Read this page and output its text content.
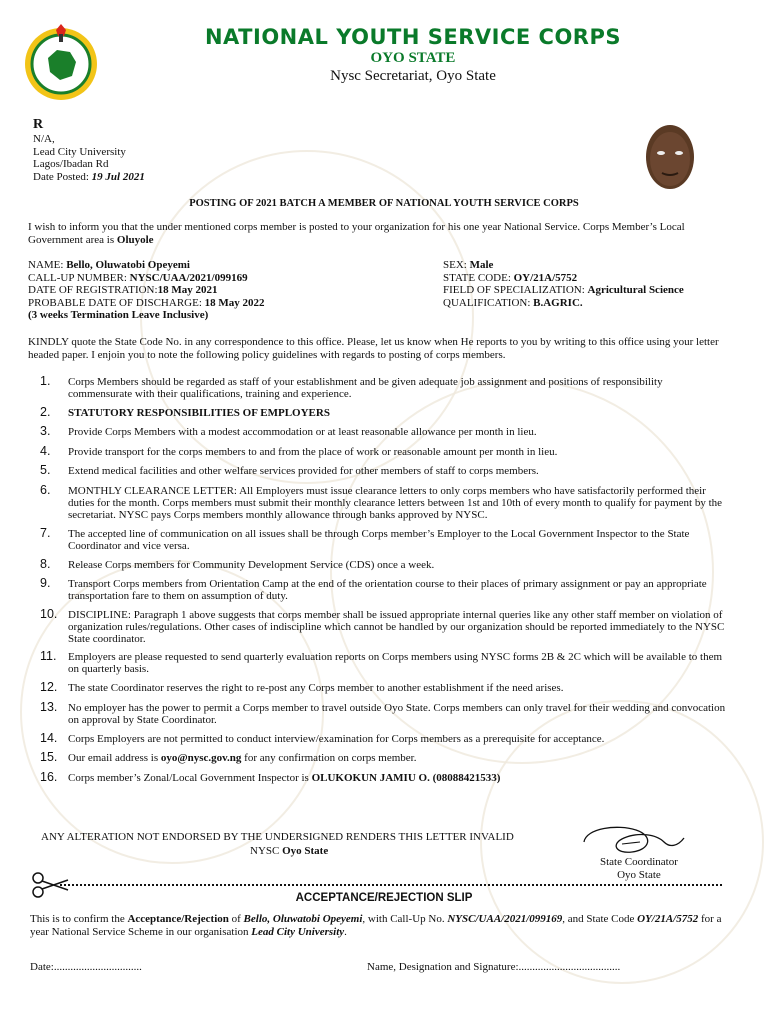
NATIONAL YOUTH SERVICE CORPS
OYO STATE
Nysc Secretariat, Oyo State
R
N/A,
Lead City University
Lagos/Ibadan Rd
Date Posted: 19 Jul 2021
POSTING OF 2021 BATCH A MEMBER OF NATIONAL YOUTH SERVICE CORPS
I wish to inform you that the under mentioned corps member is posted to your organization for his one year National Service. Corps Member’s Local Government area is Oluyole
NAME: Bello, Oluwatobi Opeyemi
CALL-UP NUMBER: NYSC/UAA/2021/099169
DATE OF REGISTRATION:18 May 2021
PROBABLE DATE OF DISCHARGE: 18 May 2022
(3 weeks Termination Leave Inclusive)
SEX: Male
STATE CODE: OY/21A/5752
FIELD OF SPECIALIZATION: Agricultural Science
QUALIFICATION: B.AGRIC.
KINDLY quote the State Code No. in any correspondence to this office. Please, let us know when He reports to you by writing to this office using your letter headed paper. I enjoin you to note the following policy guidelines with regards to posting of corps members.
1. Corps Members should be regarded as staff of your establishment and be given adequate job assignment and positions of responsibility commensurate with their qualifications, training and experience.
2. STATUTORY RESPONSIBILITIES OF EMPLOYERS
3. Provide Corps Members with a modest accommodation or at least reasonable allowance per month in lieu.
4. Provide transport for the corps members to and from the place of work or reasonable amount per month in lieu.
5. Extend medical facilities and other welfare services provided for other members of staff to corps members.
6. MONTHLY CLEARANCE LETTER: All Employers must issue clearance letters to only corps members who have satisfactorily performed their duties for the month. Corps members must submit their monthly clearance letters between 1st and 10th of every month to qualify for payment by the secretariat. NYSC pays Corps members monthly allowance through banks approved by NYSC.
7. The accepted line of communication on all issues shall be through Corps member’s Employer to the Local Government Inspector to the State Coordinator and vice versa.
8. Release Corps members for Community Development Service (CDS) once a week.
9. Transport Corps members from Orientation Camp at the end of the orientation course to their places of primary assignment or pay an appropriate transportation fare to them on assumption of duty.
10. DISCIPLINE: Paragraph 1 above suggests that corps member shall be issued appropriate internal queries like any other staff member on violation of organization rules/regulations. Other cases of indiscipline which cannot be handled by our organization should be reported immediately to the NYSC State coordinator.
11. Employers are please requested to send quarterly evaluation reports on Corps members using NYSC forms 2B & 2C which will be available to them on quarterly basis.
12. The state Coordinator reserves the right to re-post any Corps member to another establishment if the need arises.
13. No employer has the power to permit a Corps member to travel outside Oyo State. Corps members can only travel for their wedding and convocation on approval by State Coordinator.
14. Corps Employers are not permitted to conduct interview/examination for Corps members as a prerequisite for acceptance.
15. Our email address is oyo@nysc.gov.ng for any confirmation on corps member.
16. Corps member’s Zonal/Local Government Inspector is OLUKOKUN JAMIU O. (08088421533)
ANY ALTERATION NOT ENDORSED BY THE UNDERSIGNED RENDERS THIS LETTER INVALID
NYSC Oyo State
State Coordinator
Oyo State
ACCEPTANCE/REJECTION SLIP
This is to confirm the Acceptance/Rejection of Bello, Oluwatobi Opeyemi, with Call-Up No. NYSC/UAA/2021/099169, and State Code OY/21A/5752 for a year National Service Scheme in our organisation Lead City University.
Date:................................	Name, Designation and Signature:.....................................
